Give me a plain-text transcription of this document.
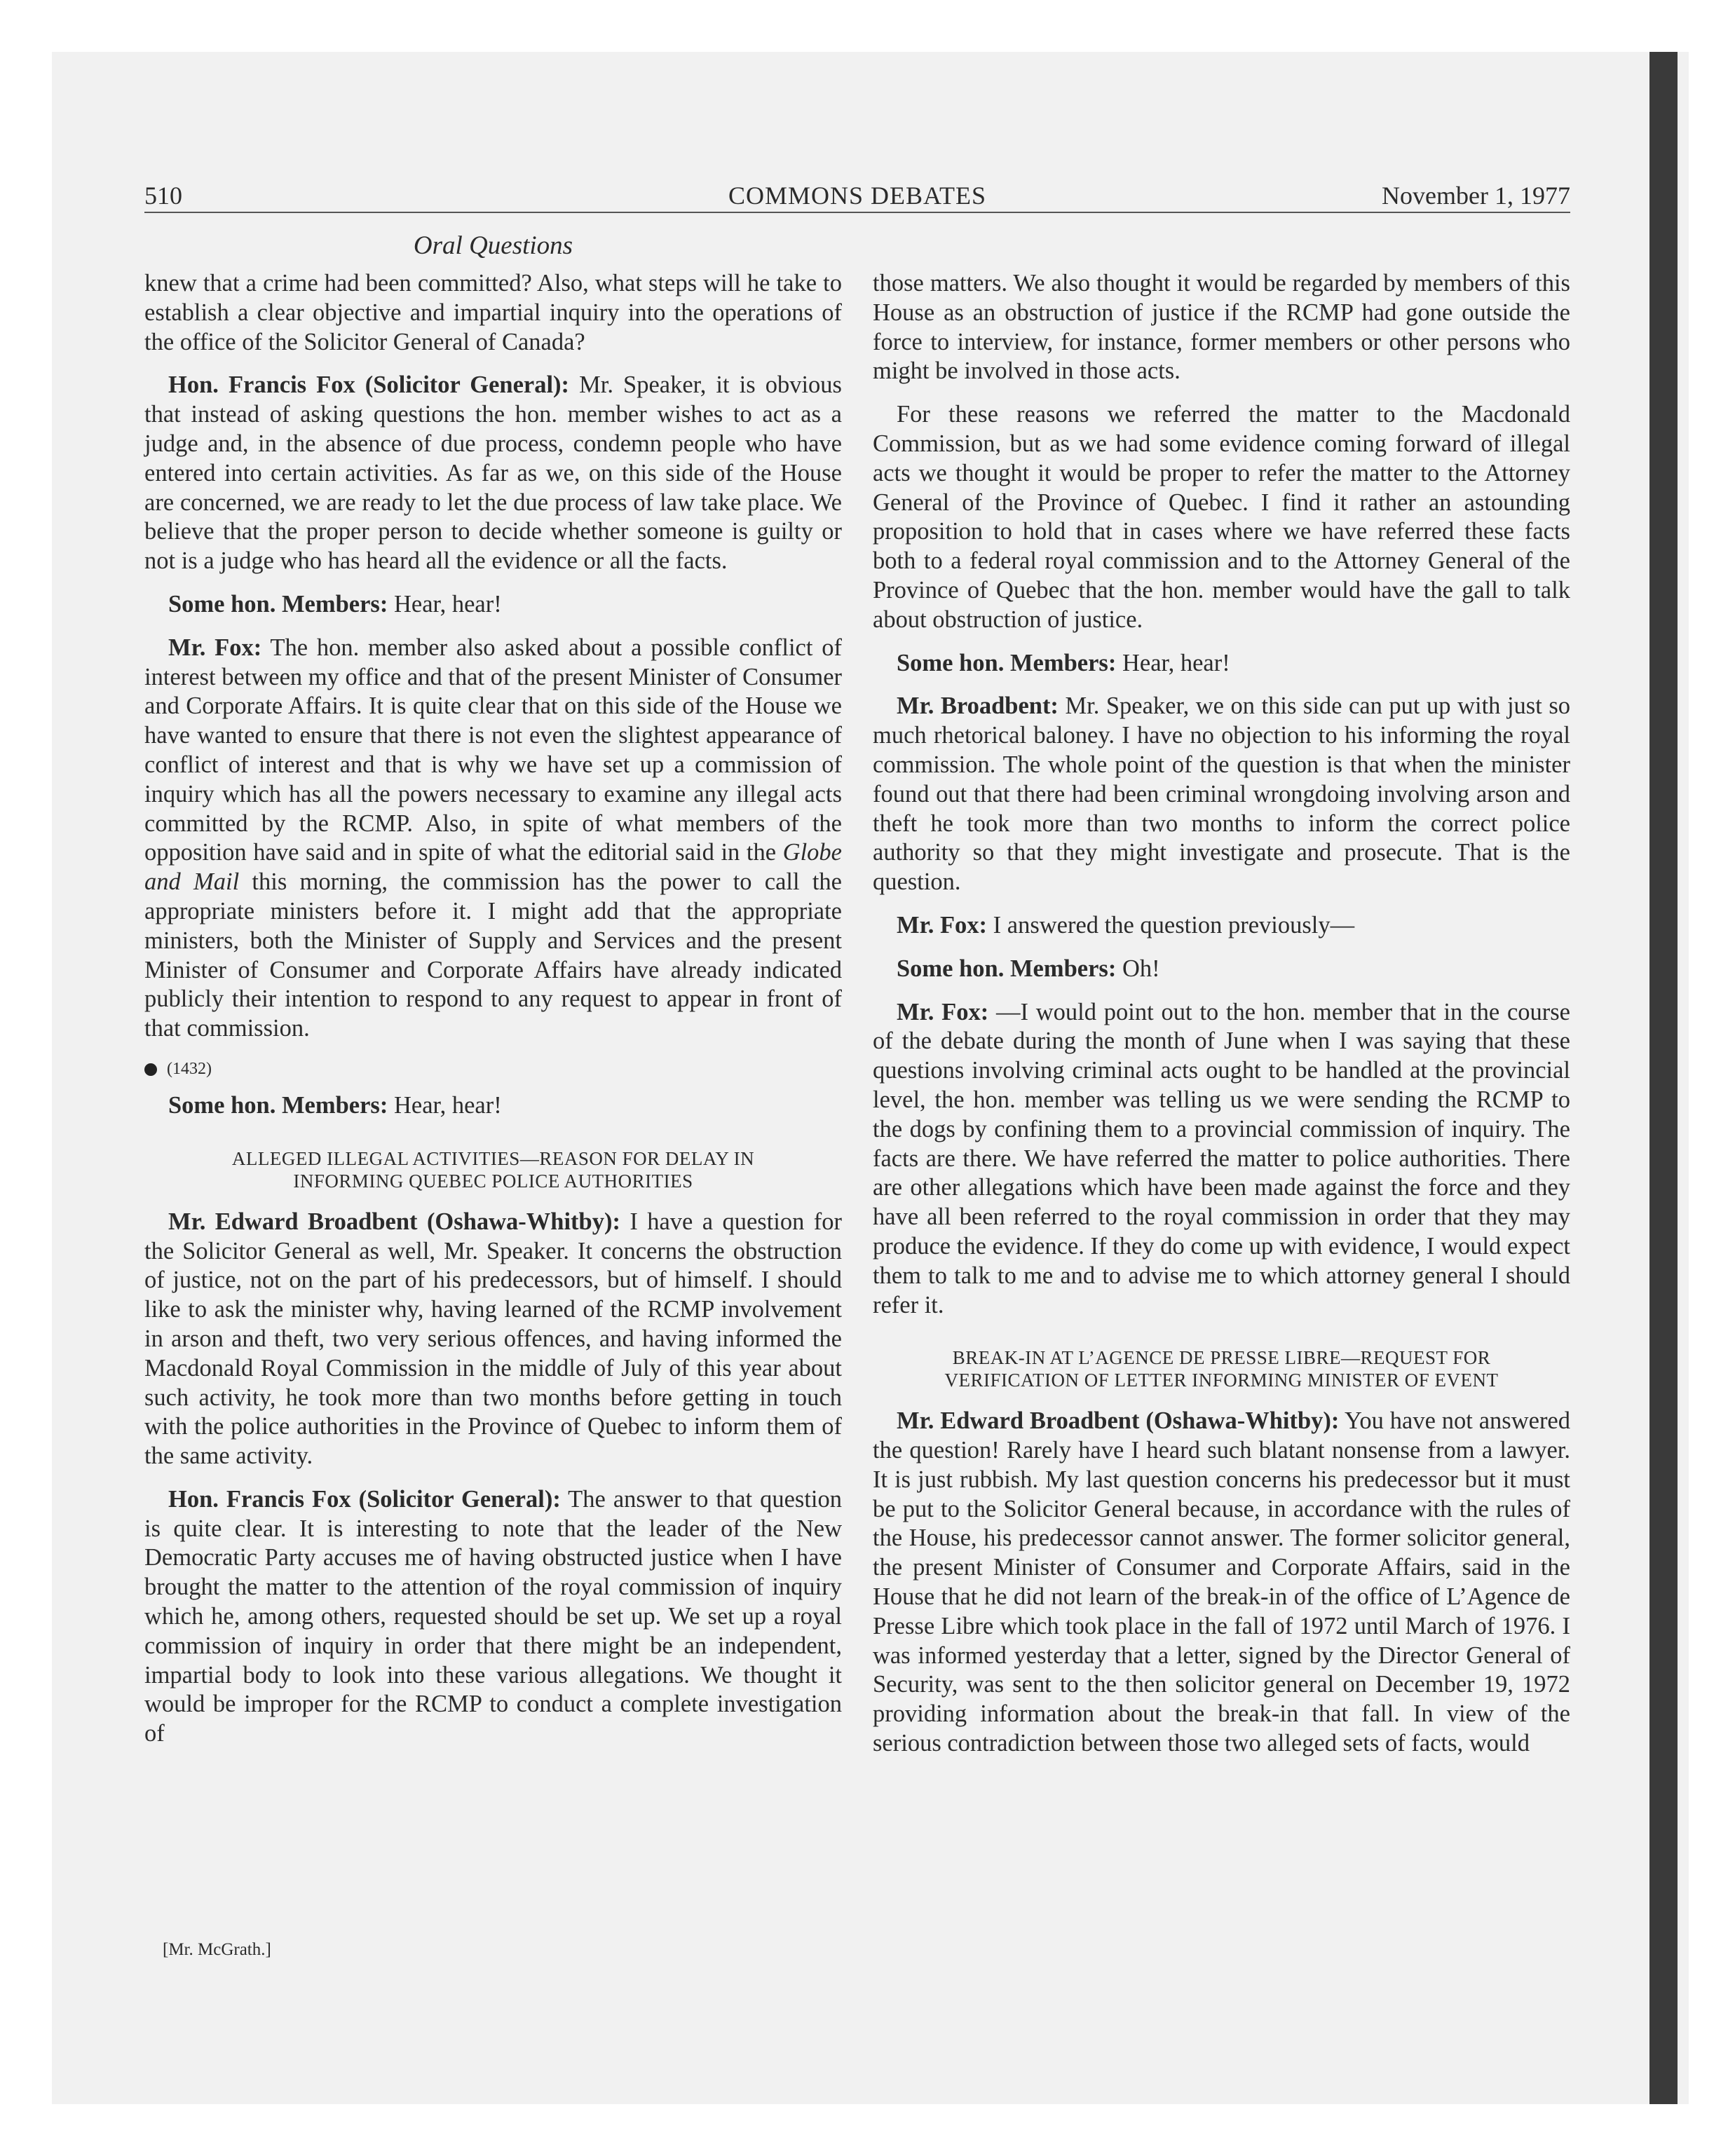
510	COMMONS DEBATES	November 1, 1977
Oral Questions

knew that a crime had been committed? Also, what steps will he take to establish a clear objective and impartial inquiry into the operations of the office of the Solicitor General of Canada?

Hon. Francis Fox (Solicitor General): Mr. Speaker, it is obvious that instead of asking questions the hon. member wishes to act as a judge and, in the absence of due process, condemn people who have entered into certain activities. As far as we, on this side of the House are concerned, we are ready to let the due process of law take place. We believe that the proper person to decide whether someone is guilty or not is a judge who has heard all the evidence or all the facts.

Some hon. Members: Hear, hear!

Mr. Fox: The hon. member also asked about a possible conflict of interest between my office and that of the present Minister of Consumer and Corporate Affairs. It is quite clear that on this side of the House we have wanted to ensure that there is not even the slightest appearance of conflict of interest and that is why we have set up a commission of inquiry which has all the powers necessary to examine any illegal acts committed by the RCMP. Also, in spite of what members of the opposition have said and in spite of what the editorial said in the Globe and Mail this morning, the commission has the power to call the appropriate ministers before it. I might add that the appropriate ministers, both the Minister of Supply and Services and the present Minister of Consumer and Corporate Affairs have already indicated publicly their intention to respond to any request to appear in front of that commission.

(1432)

Some hon. Members: Hear, hear!

ALLEGED ILLEGAL ACTIVITIES—REASON FOR DELAY IN
INFORMING QUEBEC POLICE AUTHORITIES

Mr. Edward Broadbent (Oshawa-Whitby): I have a question for the Solicitor General as well, Mr. Speaker. It concerns the obstruction of justice, not on the part of his predecessors, but of himself. I should like to ask the minister why, having learned of the RCMP involvement in arson and theft, two very serious offences, and having informed the Macdonald Royal Commission in the middle of July of this year about such activity, he took more than two months before getting in touch with the police authorities in the Province of Quebec to inform them of the same activity.

Hon. Francis Fox (Solicitor General): The answer to that question is quite clear. It is interesting to note that the leader of the New Democratic Party accuses me of having obstructed justice when I have brought the matter to the attention of the royal commission of inquiry which he, among others, requested should be set up. We set up a royal commission of inquiry in order that there might be an independent, impartial body to look into these various allegations. We thought it would be improper for the RCMP to conduct a complete investigation of

[Mr. McGrath.]

those matters. We also thought it would be regarded by members of this House as an obstruction of justice if the RCMP had gone outside the force to interview, for instance, former members or other persons who might be involved in those acts.

For these reasons we referred the matter to the Macdonald Commission, but as we had some evidence coming forward of illegal acts we thought it would be proper to refer the matter to the Attorney General of the Province of Quebec. I find it rather an astounding proposition to hold that in cases where we have referred these facts both to a federal royal commission and to the Attorney General of the Province of Quebec that the hon. member would have the gall to talk about obstruction of justice.

Some hon. Members: Hear, hear!

Mr. Broadbent: Mr. Speaker, we on this side can put up with just so much rhetorical baloney. I have no objection to his informing the royal commission. The whole point of the question is that when the minister found out that there had been criminal wrongdoing involving arson and theft he took more than two months to inform the correct police authority so that they might investigate and prosecute. That is the question.

Mr. Fox: I answered the question previously—

Some hon. Members: Oh!

Mr. Fox: —I would point out to the hon. member that in the course of the debate during the month of June when I was saying that these questions involving criminal acts ought to be handled at the provincial level, the hon. member was telling us we were sending the RCMP to the dogs by confining them to a provincial commission of inquiry. The facts are there. We have referred the matter to police authorities. There are other allegations which have been made against the force and they have all been referred to the royal commission in order that they may produce the evidence. If they do come up with evidence, I would expect them to talk to me and to advise me to which attorney general I should refer it.

BREAK-IN AT L’AGENCE DE PRESSE LIBRE—REQUEST FOR
VERIFICATION OF LETTER INFORMING MINISTER OF EVENT

Mr. Edward Broadbent (Oshawa-Whitby): You have not answered the question! Rarely have I heard such blatant nonsense from a lawyer. It is just rubbish. My last question concerns his predecessor but it must be put to the Solicitor General because, in accordance with the rules of the House, his predecessor cannot answer. The former solicitor general, the present Minister of Consumer and Corporate Affairs, said in the House that he did not learn of the break-in of the office of L’Agence de Presse Libre which took place in the fall of 1972 until March of 1976. I was informed yesterday that a letter, signed by the Director General of Security, was sent to the then solicitor general on December 19, 1972 providing information about the break-in that fall. In view of the serious contradiction between those two alleged sets of facts, would
